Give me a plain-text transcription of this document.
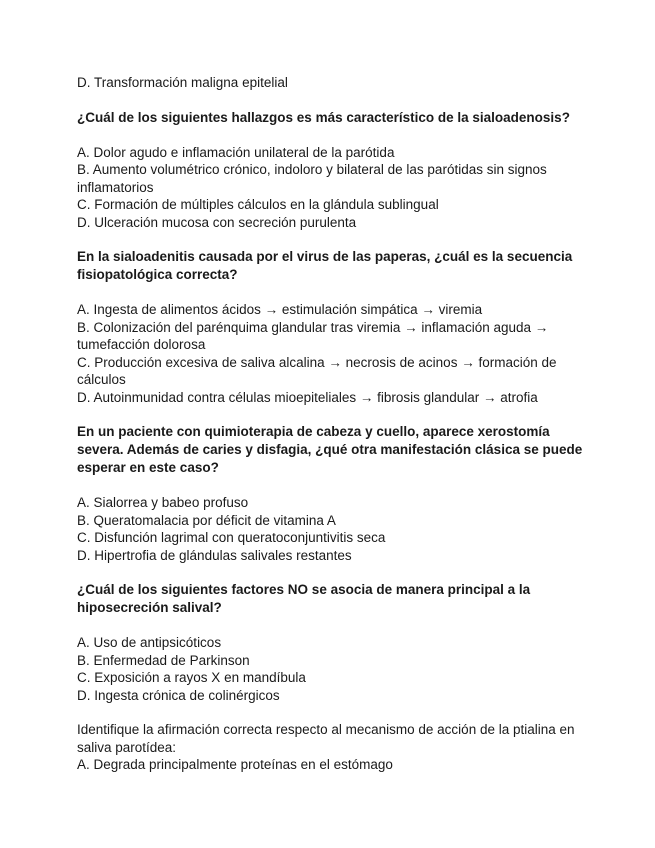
D. Transformación maligna epitelial

¿Cuál de los siguientes hallazgos es más característico de la sialoadenosis?

A. Dolor agudo e inflamación unilateral de la parótida

B. Aumento volumétrico crónico, indoloro y bilateral de las parótidas sin signos inflamatorios

C. Formación de múltiples cálculos en la glándula sublingual

D. Ulceración mucosa con secreción purulenta

En la sialoadenitis causada por el virus de las paperas, ¿cuál es la secuencia fisiopatológica correcta?

A. Ingesta de alimentos ácidos → estimulación simpática → viremia

B. Colonización del parénquima glandular tras viremia → inflamación aguda → tumefacción dolorosa

C. Producción excesiva de saliva alcalina → necrosis de acinos → formación de cálculos

D. Autoinmunidad contra células mioepiteliales → fibrosis glandular → atrofia

En un paciente con quimioterapia de cabeza y cuello, aparece xerostomía severa. Además de caries y disfagia, ¿qué otra manifestación clásica se puede esperar en este caso?

A. Sialorrea y babeo profuso

B. Queratomalacia por déficit de vitamina A

C. Disfunción lagrimal con queratoconjuntivitis seca

D. Hipertrofia de glándulas salivales restantes

¿Cuál de los siguientes factores NO se asocia de manera principal a la hiposecreción salival?

A. Uso de antipsicóticos

B. Enfermedad de Parkinson

C. Exposición a rayos X en mandíbula

D. Ingesta crónica de colinérgicos

Identifique la afirmación correcta respecto al mecanismo de acción de la ptialina en saliva parotídea:

A. Degrada principalmente proteínas en el estómago
